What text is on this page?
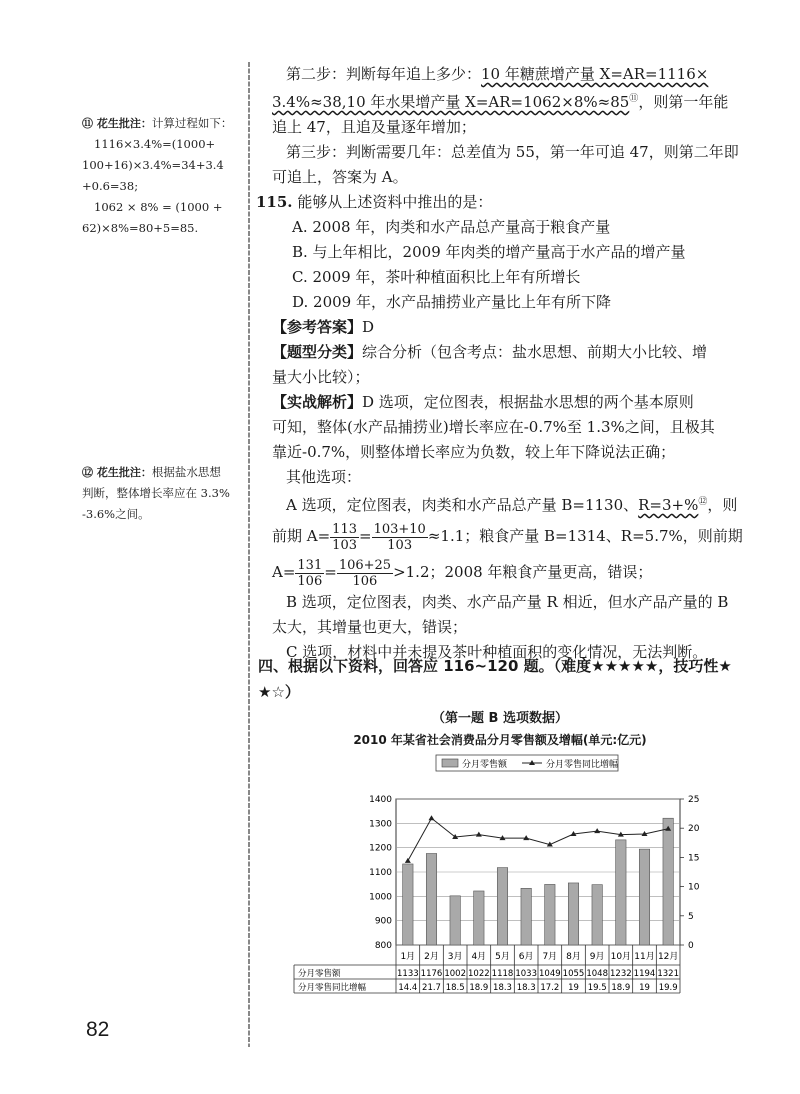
⑪ 花生批注：计算过程如下：

1116×3.4%=(1000+

100+16)×3.4%=34+3.4

+0.6=38;

1062 × 8% = (1000 +

62)×8%=80+5=85.

⑫ 花生批注：根据盐水思想

判断，整体增长率应在 3.3%

-3.6%之间。

第二步：判断每年追上多少：10 年糖蔗增产量 X=AR=1116×

3.4%≈38,10 年水果增产量 X=AR=1062×8%≈85⑪，则第一年能

追上 47，且追及量逐年增加；

第三步：判断需要几年：总差值为 55，第一年可追 47，则第二年即

可追上，答案为 A。

115. 能够从上述资料中推出的是：

A. 2008 年，肉类和水产品总产量高于粮食产量

B. 与上年相比，2009 年肉类的增产量高于水产品的增产量

C. 2009 年，茶叶种植面积比上年有所增长

D. 2009 年，水产品捕捞业产量比上年有所下降

【参考答案】D

【题型分类】综合分析（包含考点：盐水思想、前期大小比较、增

量大小比较）；

【实战解析】D 选项，定位图表，根据盐水思想的两个基本原则

可知，整体(水产品捕捞业)增长率应在-0.7%至 1.3%之间，且极其

靠近-0.7%，则整体增长率应为负数，较上年下降说法正确；

其他选项：

A 选项，定位图表，肉类和水产品总产量 B=1130、R=3+%⑫，则

前期 $A= \frac{113}{103} = \frac{103+10}{103} \approx 1.1$；粮食产量 B=1314、R=5.7%，则前期

$A= \frac{131}{106} = \frac{106+25}{106} >1.2$；2008 年粮食产量更高，错误；

B 选项，定位图表，肉类、水产品产量 R 相近，但水产品产量的 B

太大，其增量也更大，错误；

C 选项，材料中并未提及茶叶种植面积的变化情况，无法判断。

四、根据以下资料，回答应 116~120 题。（难度★★★★★，技巧性★
★☆）
（第一题 B 选项数据）
2010 年某省社会消费品分月零售额及增幅(单元:亿元)
分月零售额	分月零售同比增幅
800
900
1000
1100
1200
1300
1400
0
5
10
15
20
25
1月 2月 3月 4月 5月 6月 7月 8月 9月 10月 11月 12月
分月零售额	1133 1176 1002 1022 1118 1033 1049 1055 1048 1232 1194 1321
分月零售同比增幅	14.4 21.7 18.5 18.9 18.3 18.3 17.2 19 19.5 18.9 19 19.9
82
